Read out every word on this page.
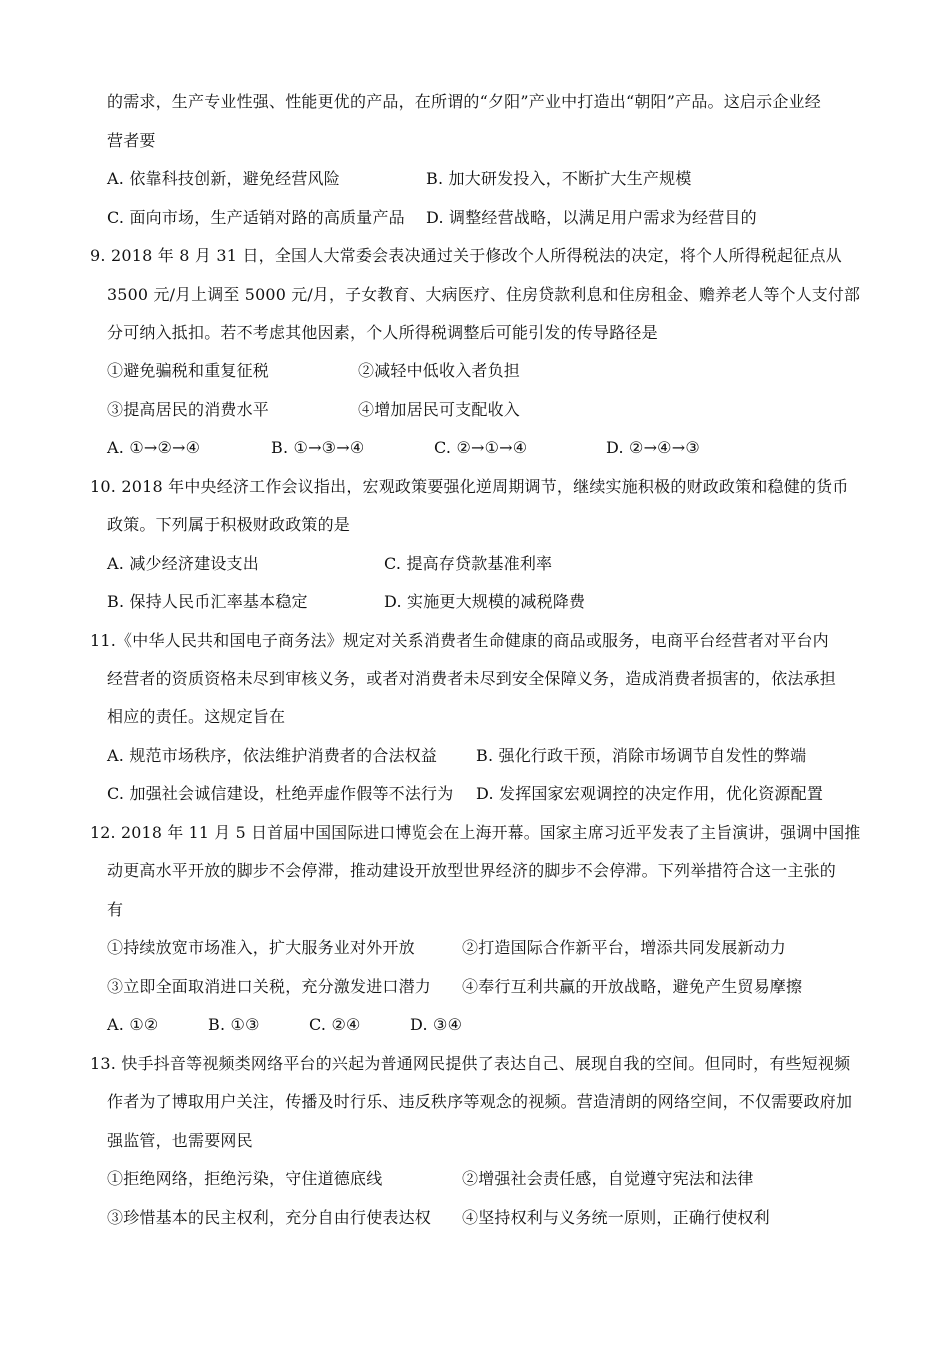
的需求，生产专业性强、性能更优的产品，在所谓的“夕阳”产业中打造出“朝阳”产品。这启示企业经
营者要
A. 依靠科技创新，避免经营风险	B. 加大研发投入，不断扩大生产规模
C. 面向市场，生产适销对路的高质量产品 D. 调整经营战略，以满足用户需求为经营目的
9. 2018 年 8 月 31 日，全国人大常委会表决通过关于修改个人所得税法的决定，将个人所得税起征点从
3500 元/月上调至 5000 元/月，子女教育、大病医疗、住房贷款利息和住房租金、赡养老人等个人支付部
分可纳入抵扣。若不考虑其他因素，个人所得税调整后可能引发的传导路径是
①避免骗税和重复征税	②减轻中低收入者负担
③提高居民的消费水平	④增加居民可支配收入
A. ①→②→④	B. ①→③→④	C. ②→①→④	D. ②→④→③
10. 2018 年中央经济工作会议指出，宏观政策要强化逆周期调节，继续实施积极的财政政策和稳健的货币
政策。下列属于积极财政政策的是
A. 减少经济建设支出	C. 提高存贷款基准利率
B. 保持人民币汇率基本稳定	D. 实施更大规模的减税降费
11.《中华人民共和国电子商务法》规定对关系消费者生命健康的商品或服务，电商平台经营者对平台内
经营者的资质资格未尽到审核义务，或者对消费者未尽到安全保障义务，造成消费者损害的，依法承担
相应的责任。这规定旨在
A. 规范市场秩序，依法维护消费者的合法权益 B. 强化行政干预，消除市场调节自发性的弊端
C. 加强社会诚信建设，杜绝弄虚作假等不法行为 D. 发挥国家宏观调控的决定作用，优化资源配置
12. 2018 年 11 月 5 日首届中国国际进口博览会在上海开幕。国家主席习近平发表了主旨演讲，强调中国推
动更高水平开放的脚步不会停滞，推动建设开放型世界经济的脚步不会停滞。下列举措符合这一主张的
有
①持续放宽市场准入，扩大服务业对外开放	②打造国际合作新平台，增添共同发展新动力
③立即全面取消进口关税，充分激发进口潜力 ④奉行互利共赢的开放战略，避免产生贸易摩擦
A. ①②	B. ①③	C. ②④	D. ③④
13. 快手抖音等视频类网络平台的兴起为普通网民提供了表达自己、展现自我的空间。但同时，有些短视频
作者为了博取用户关注，传播及时行乐、违反秩序等观念的视频。营造清朗的网络空间，不仅需要政府加
强监管，也需要网民
①拒绝网络，拒绝污染，守住道德底线	②增强社会责任感，自觉遵守宪法和法律
③珍惜基本的民主权利，充分自由行使表达权 ④坚持权利与义务统一原则，正确行使权利
